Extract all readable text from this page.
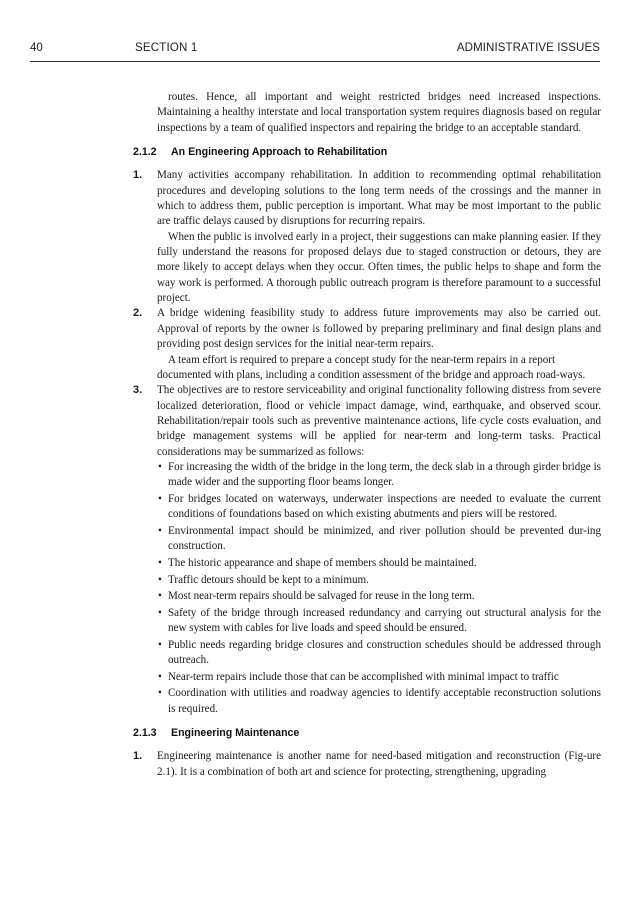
40	SECTION 1	ADMINISTRATIVE ISSUES

routes. Hence, all important and weight restricted bridges need increased inspections. Maintaining a healthy interstate and local transportation system requires diagnosis based on regular inspections by a team of qualified inspectors and repairing the bridge to an acceptable standard.

2.1.2 An Engineering Approach to Rehabilitation
1.	Many activities accompany rehabilitation. In addition to recommending optimal rehabilitation procedures and developing solutions to the long term needs of the crossings and the manner in which to address them, public perception is important. What may be most important to the public are traffic delays caused by disruptions for recurring repairs.

When the public is involved early in a project, their suggestions can make planning easier. If they fully understand the reasons for proposed delays due to staged construction or detours, they are more likely to accept delays when they occur. Often times, the public helps to shape and form the way work is performed. A thorough public outreach program is therefore paramount to a successful project.

2.	A bridge widening feasibility study to address future improvements may also be carried out. Approval of reports by the owner is followed by preparing preliminary and final design plans and providing post design services for the initial near-term repairs.

A team effort is required to prepare a concept study for the near-term repairs in a report documented with plans, including a condition assessment of the bridge and approach road-ways.

3.	The objectives are to restore serviceability and original functionality following distress from severe localized deterioration, flood or vehicle impact damage, wind, earthquake, and observed scour. Rehabilitation/repair tools such as preventive maintenance actions, life cycle costs evaluation, and bridge management systems will be applied for near-term and long-term tasks. Practical considerations may be summarized as follows:

• For increasing the width of the bridge in the long term, the deck slab in a through girder bridge is made wider and the supporting floor beams longer.
• For bridges located on waterways, underwater inspections are needed to evaluate the current conditions of foundations based on which existing abutments and piers will be restored.
• Environmental impact should be minimized, and river pollution should be prevented dur-ing construction.
• The historic appearance and shape of members should be maintained.
• Traffic detours should be kept to a minimum.
• Most near-term repairs should be salvaged for reuse in the long term.
• Safety of the bridge through increased redundancy and carrying out structural analysis for the new system with cables for live loads and speed should be ensured.
• Public needs regarding bridge closures and construction schedules should be addressed through outreach.
• Near-term repairs include those that can be accomplished with minimal impact to traffic
• Coordination with utilities and roadway agencies to identify acceptable reconstruction solutions is required.
2.1.3 Engineering Maintenance
1.	Engineering maintenance is another name for need-based mitigation and reconstruction (Fig-ure 2.1). It is a combination of both art and science for protecting, strengthening, upgrading
